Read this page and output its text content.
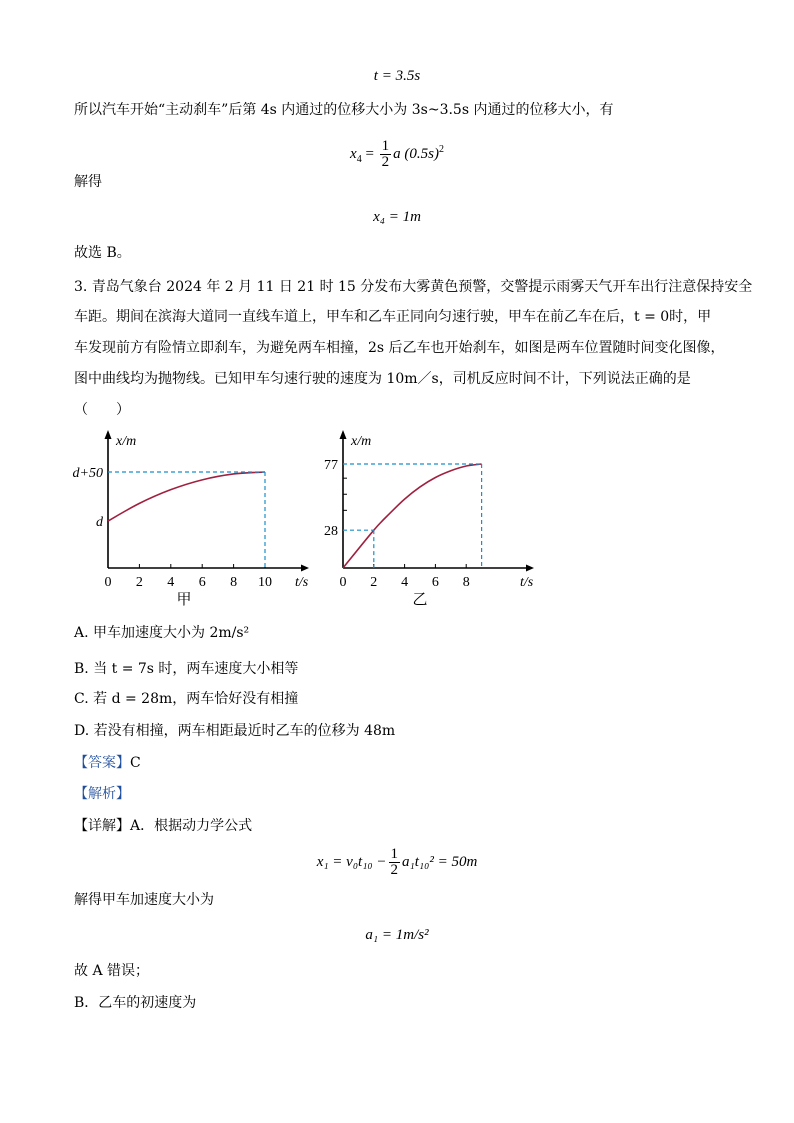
t = 3.5s
所以汽车开始“主动刹车”后第 4s 内通过的位移大小为 3s~3.5s 内通过的位移大小，有
$x_4 = \frac{1}{2}$ a $(0.5s)^2$
解得
x₄ = 1m
故选 B。
3. 青岛气象台 2024 年 2 月 11 日 21 时 15 分发布大雾黄色预警，交警提示雨雾天气开车出行注意保持安全
车距。期间在滨海大道同一直线车道上，甲车和乙车正同向匀速行驶，甲车在前乙车在后，t = 0时，甲
车发现前方有险情立即刹车，为避免两车相撞，2s 后乙车也开始刹车，如图是两车位置随时间变化图像，
图中曲线均为抛物线。已知甲车匀速行驶的速度为 10m／s，司机反应时间不计，下列说法正确的是
（　　）
x/m
t/s
0 2 4 6 8 10
d
d+50
甲
x/m
t/s
0 2 4 6 8
28
77
乙
A. 甲车加速度大小为 2m/s²
B. 当 t = 7s 时，两车速度大小相等
C. 若 d = 28m，两车恰好没有相撞
D. 若没有相撞，两车相距最近时乙车的位移为 48m
【答案】C
【解析】
【详解】A．根据动力学公式
$x_1 = v_0t_{10} - \frac{1}{2} a_1t_{10}^2 = 50m$
解得甲车加速度大小为
a₁ = 1m/s²
故 A 错误；
B．乙车的初速度为
